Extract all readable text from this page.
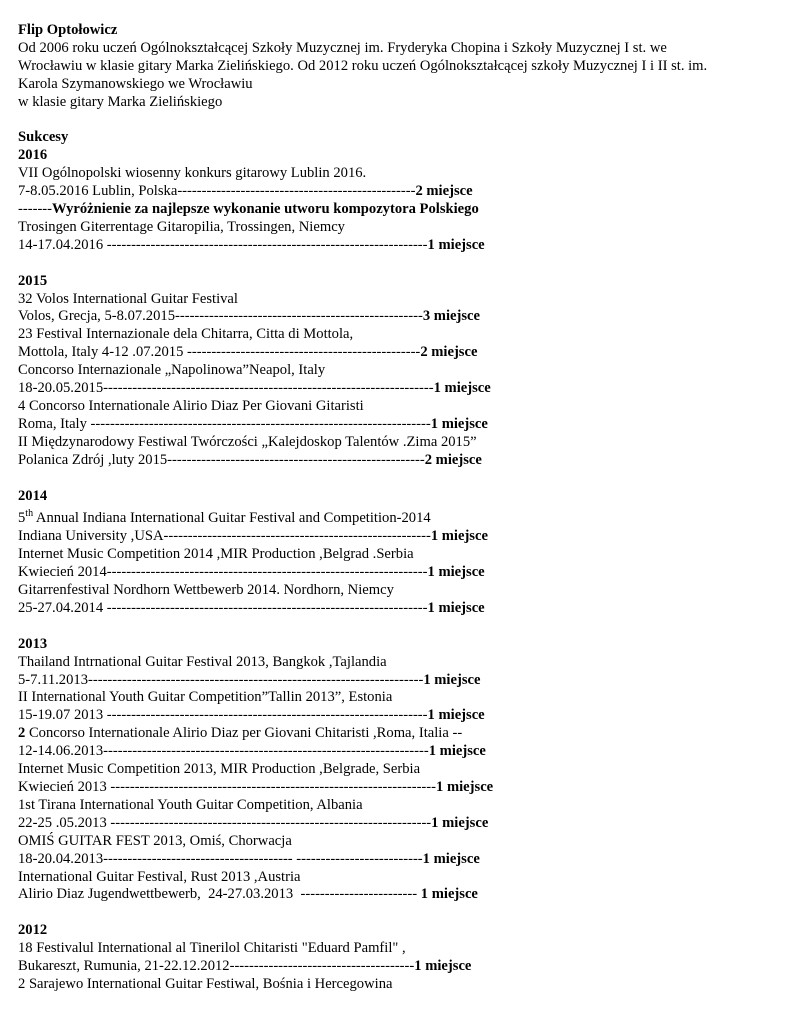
Flip Optołowicz
Od 2006 roku uczeń Ogólnokształcącej Szkoły Muzycznej im. Fryderyka Chopina i Szkoły Muzycznej I st. we
Wrocławiu w klasie gitary Marka Zielińskiego. Od 2012 roku uczeń Ogólnokształcącej szkoły Muzycznej I i II st. im.
Karola Szymanowskiego we Wrocławiu
w klasie gitary Marka Zielińskiego
Sukcesy
2016
VII Ogólnopolski wiosenny konkurs gitarowy Lublin 2016.
7-8.05.2016 Lublin, Polska-------------------------------------------------2 miejsce
-------Wyróżnienie za najlepsze wykonanie utworu kompozytora Polskiego
Trosingen Giterrentage Gitaropilia, Trossingen, Niemcy
14-17.04.2016 ------------------------------------------------------------------1 miejsce
2015
32 Volos International Guitar Festival
Volos, Grecja, 5-8.07.2015---------------------------------------------------3 miejsce
23 Festival Internazionale dela Chitarra, Citta di Mottola,
Mottola, Italy 4-12 .07.2015 ------------------------------------------------2 miejsce
Concorso Internazionale „Napolinowa”Neapol, Italy
18-20.05.2015--------------------------------------------------------------------1 miejsce
4 Concorso Internationale Alirio Diaz Per Giovani Gitaristi
Roma, Italy ----------------------------------------------------------------------1 miejsce
II Międzynarodowy Festiwal Twórczości „Kalejdoskop Talentów .Zima 2015”
Polanica Zdrój ,luty 2015-----------------------------------------------------2 miejsce
2014
5th Annual Indiana International Guitar Festival and Competition-2014
Indiana University ,USA-------------------------------------------------------1 miejsce
Internet Music Competition 2014 ,MIR Production ,Belgrad .Serbia
Kwiecień 2014------------------------------------------------------------------1 miejsce
Gitarrenfestival Nordhorn Wettbewerb 2014. Nordhorn, Niemcy
25-27.04.2014 ------------------------------------------------------------------1 miejsce
2013
Thailand Intrnational Guitar Festival 2013, Bangkok ,Tajlandia
5-7.11.2013---------------------------------------------------------------------1 miejsce
II International Youth Guitar Competition”Tallin 2013”, Estonia
15-19.07 2013 ------------------------------------------------------------------1 miejsce
2 Concorso Internationale Alirio Diaz per Giovani Chitaristi ,Roma, Italia --
12-14.06.2013-------------------------------------------------------------------1 miejsce
Internet Music Competition 2013, MIR Production ,Belgrade, Serbia
Kwiecień 2013 -------------------------------------------------------------------1 miejsce
1st Tirana International Youth Guitar Competition, Albania
22-25 .05.2013 ------------------------------------------------------------------1 miejsce
OMIŚ GUITAR FEST 2013, Omiś, Chorwacja
18-20.04.2013--------------------------------------- --------------------------1 miejsce
International Guitar Festival, Rust 2013 ,Austria
Alirio Diaz Jugendwettbewerb,  24-27.03.2013  ------------------------ 1 miejsce
2012
18 Festivalul International al Tinerilol Chitaristi "Eduard Pamfil" ,
Bukareszt, Rumunia, 21-22.12.2012--------------------------------------1 miejsce
2 Sarajewo International Guitar Festiwal, Bośnia i Hercegowina
